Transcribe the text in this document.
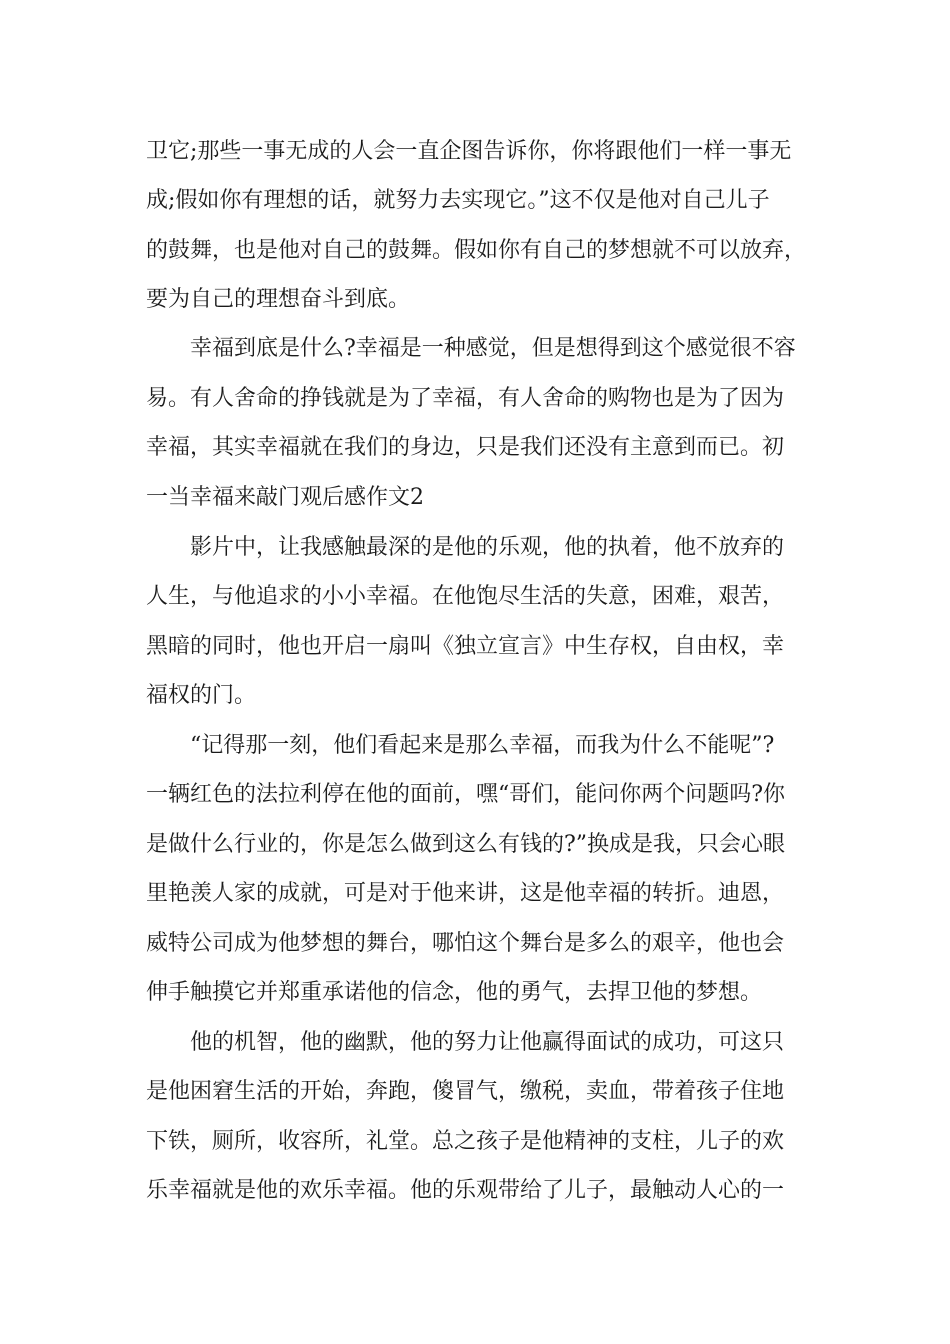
卫它;那些一事无成的人会一直企图告诉你，你将跟他们一样一事无

成;假如你有理想的话，就努力去实现它。”这不仅是他对自己儿子

的鼓舞，也是他对自己的鼓舞。假如你有自己的梦想就不可以放弃，

要为自己的理想奋斗到底。

　　幸福到底是什么?幸福是一种感觉，但是想得到这个感觉很不容

易。有人舍命的挣钱就是为了幸福，有人舍命的购物也是为了因为

幸福，其实幸福就在我们的身边，只是我们还没有主意到而已。初

一当幸福来敲门观后感作文2

　　影片中，让我感触最深的是他的乐观，他的执着，他不放弃的

人生，与他追求的小小幸福。在他饱尽生活的失意，困难，艰苦，

黑暗的同时，他也开启一扇叫《独立宣言》中生存权，自由权，幸

福权的门。

　　“记得那一刻，他们看起来是那么幸福，而我为什么不能呢”?

一辆红色的法拉利停在他的面前，嘿“哥们，能问你两个问题吗?你

是做什么行业的，你是怎么做到这么有钱的?”换成是我，只会心眼

里艳羡人家的成就，可是对于他来讲，这是他幸福的转折。迪恩，

威特公司成为他梦想的舞台，哪怕这个舞台是多么的艰辛，他也会

伸手触摸它并郑重承诺他的信念，他的勇气，去捍卫他的梦想。

　　他的机智，他的幽默，他的努力让他赢得面试的成功，可这只

是他困窘生活的开始，奔跑，傻冒气，缴税，卖血，带着孩子住地

下铁，厕所，收容所，礼堂。总之孩子是他精神的支柱，儿子的欢

乐幸福就是他的欢乐幸福。他的乐观带给了儿子，最触动人心的一
